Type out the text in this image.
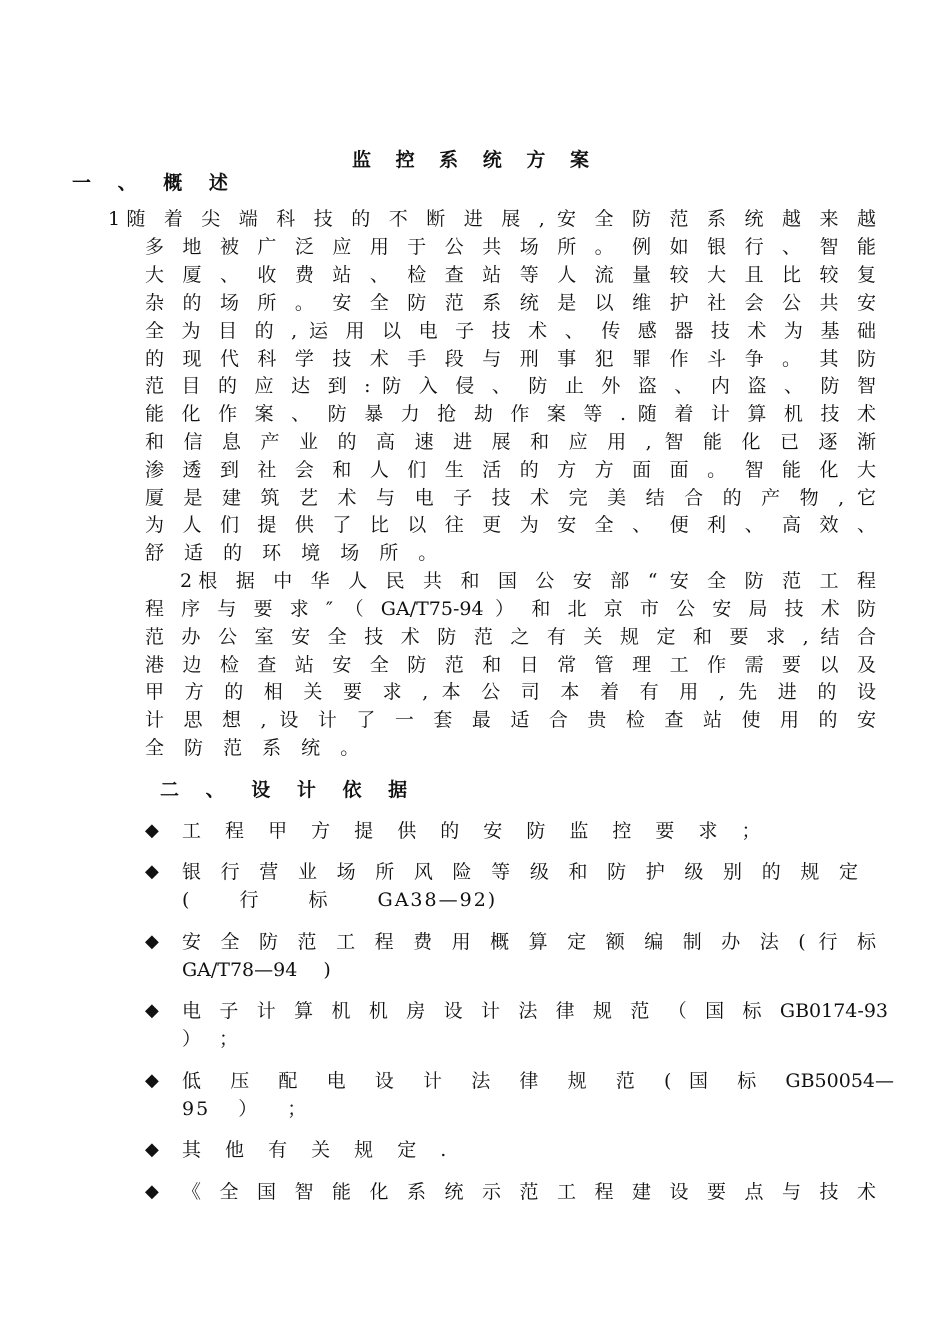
监 控 系 统 方 案
一 、 概 述
1随 着 尖 端 科 技 的 不 断 进 展 , 安 全 防 范 系 统 越 来 越
多 地 被 广 泛 应 用 于 公 共 场 所 。 例 如 银 行 、 智 能
大 厦 、 收 费 站 、 检 查 站 等 人 流 量 较 大 且 比 较 复
杂 的 场 所 。 安 全 防 范 系 统 是 以 维 护 社 会 公 共 安
全 为 目 的 , 运 用 以 电 子 技 术 、 传 感 器 技 术 为 基 础
的 现 代 科 学 技 术 手 段 与 刑 事 犯 罪 作 斗 争 。 其 防
范 目 的 应 达 到 : 防 入 侵 、 防 止 外 盗 、 内 盗 、 防 智
能 化 作 案 、 防 暴 力 抢 劫 作 案 等 . 随 着 计 算 机 技 术
和 信 息 产 业 的 高 速 进 展 和 应 用 , 智 能 化 已 逐 渐
渗 透 到 社 会 和 人 们 生 活 的 方 方 面 面 。 智 能 化 大
厦 是 建 筑 艺 术 与 电 子 技 术 完 美 结 合 的 产 物 , 它
为 人 们 提 供 了 比 以 往 更 为 安 全 、 便 利 、 高 效 、
舒 适 的 环 境 场 所 。
2根 据 中 华 人 民 共 和 国 公 安 部 “ 安 全 防 范 工 程
程 序 与 要 求 ″ （ GA/T75-94 ） 和 北 京 市 公 安 局 技 术 防
范 办 公 室 安 全 技 术 防 范 之 有 关 规 定 和 要 求 , 结 合
港 边 检 查 站 安 全 防 范 和 日 常 管 理 工 作 需 要 以 及
甲 方 的 相 关 要 求 , 本 公 司 本 着 有 用 , 先 进 的 设
计 思 想 , 设 计 了 一 套 最 适 合 贵 检 查 站 使 用 的 安
全 防 范 系 统 。
二 、 设 计 依 据
◆ 工 程 甲 方 提 供 的 安 防 监 控 要 求 ；
◆ 银 行 营 业 场 所 风 险 等 级 和 防 护 级 别 的 规 定
( 行 标 GA38—92)
◆ 安 全 防 范 工 程 费 用 概 算 定 额 编 制 办 法 ( 行 标
GA/T78—94 )
◆ 电 子 计 算 机 机 房 设 计 法 律 规 范 （ 国 标 GB0174-93
） ；
◆ 低 压 配 电 设 计 法 律 规 范 ( 国 标 GB50054—
95 ） ；
◆ 其 他 有 关 规 定 .
◆ 《 全 国 智 能 化 系 统 示 范 工 程 建 设 要 点 与 技 术
